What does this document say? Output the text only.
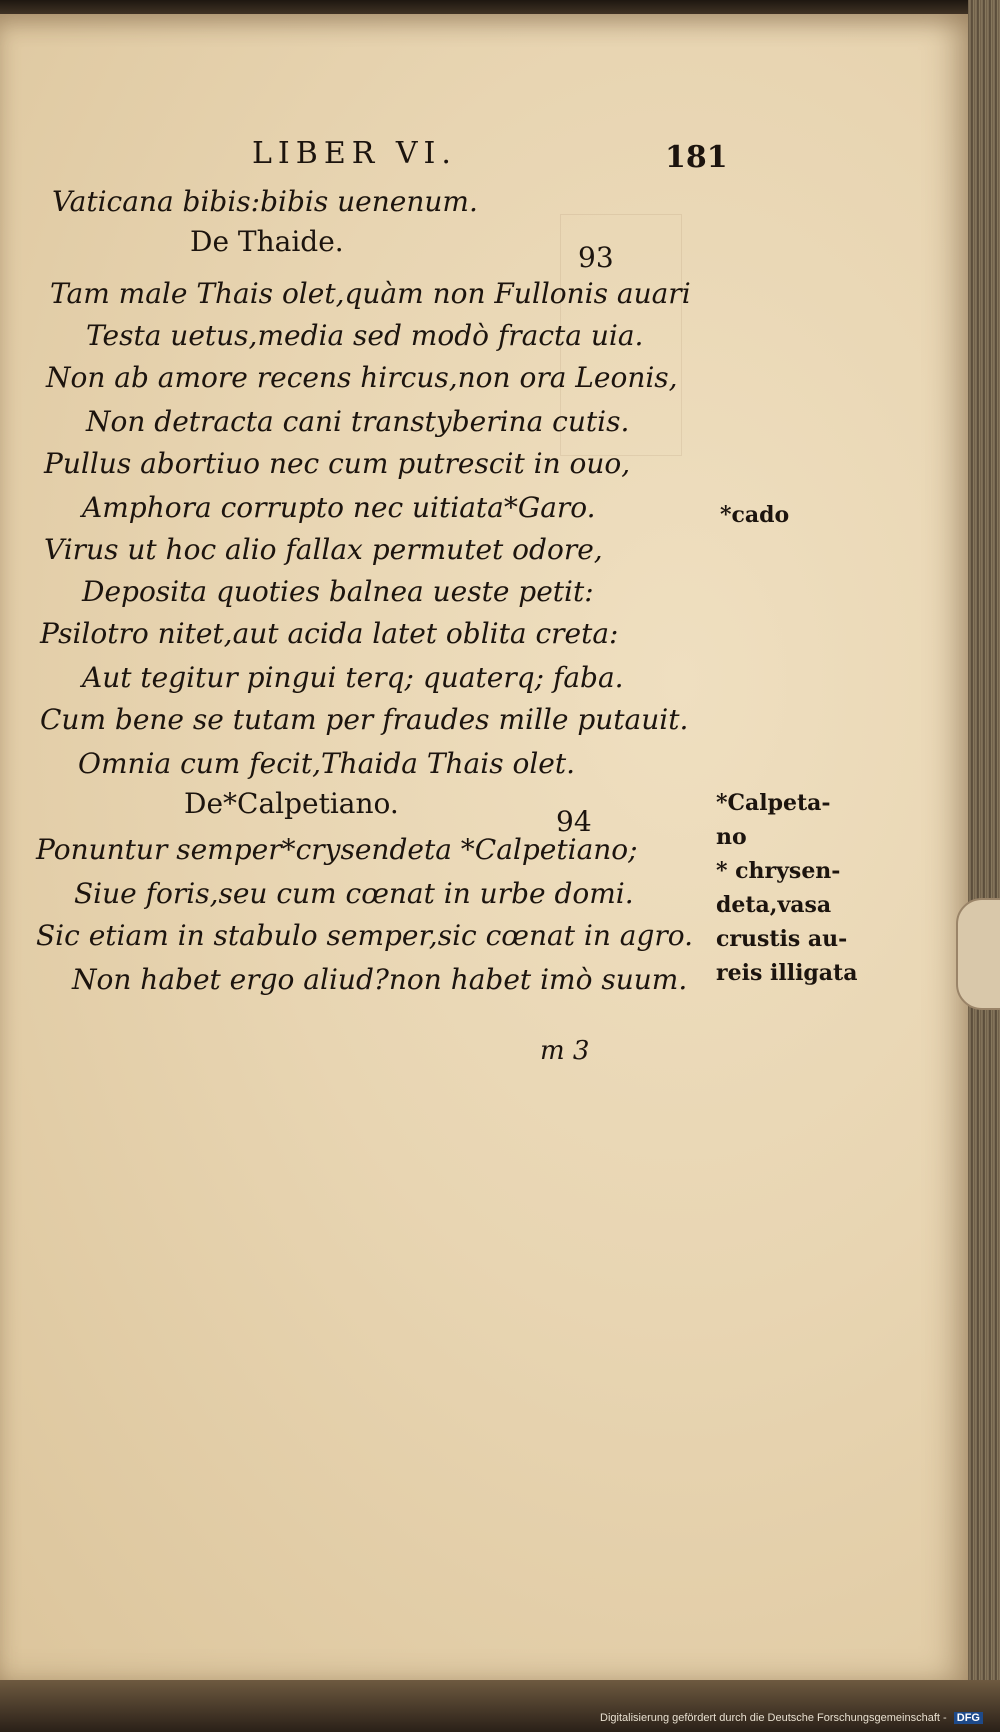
LIBER VI.	181
Vaticana bibis:bibis uenenum.
De Thaide.	93
Tam male Thais olet,quàm non Fullonis auari
Testa uetus,media sed modò fracta uia.
Non ab amore recens hircus,non ora Leonis,
Non detracta cani transtyberina cutis.
Pullus abortiuo nec cum putrescit in ouo,
Amphora corrupto nec uitiata*Garo.
Virus ut hoc alio fallax permutet odore,
Deposita quoties balnea ueste petit:
Psilotro nitet,aut acida latet oblita creta:
Aut tegitur pingui terq; quaterq; faba.
Cum bene se tutam per fraudes mille putauit.
Omnia cum fecit,Thaida Thais olet.
De*Calpetiano.
94
Ponuntur semper*crysendeta *Calpetiano;
Siue foris,seu cum cœnat in urbe domi.
Sic etiam in stabulo semper,sic cœnat in agro.
Non habet ergo aliud?non habet imò suum.
m 3
*cado
*Calpeta-
no
* chrysen-
deta,vasa
crustis au-
reis illigata
Digitalisierung gefördert durch die Deutsche Forschungsgemeinschaft - DFG
